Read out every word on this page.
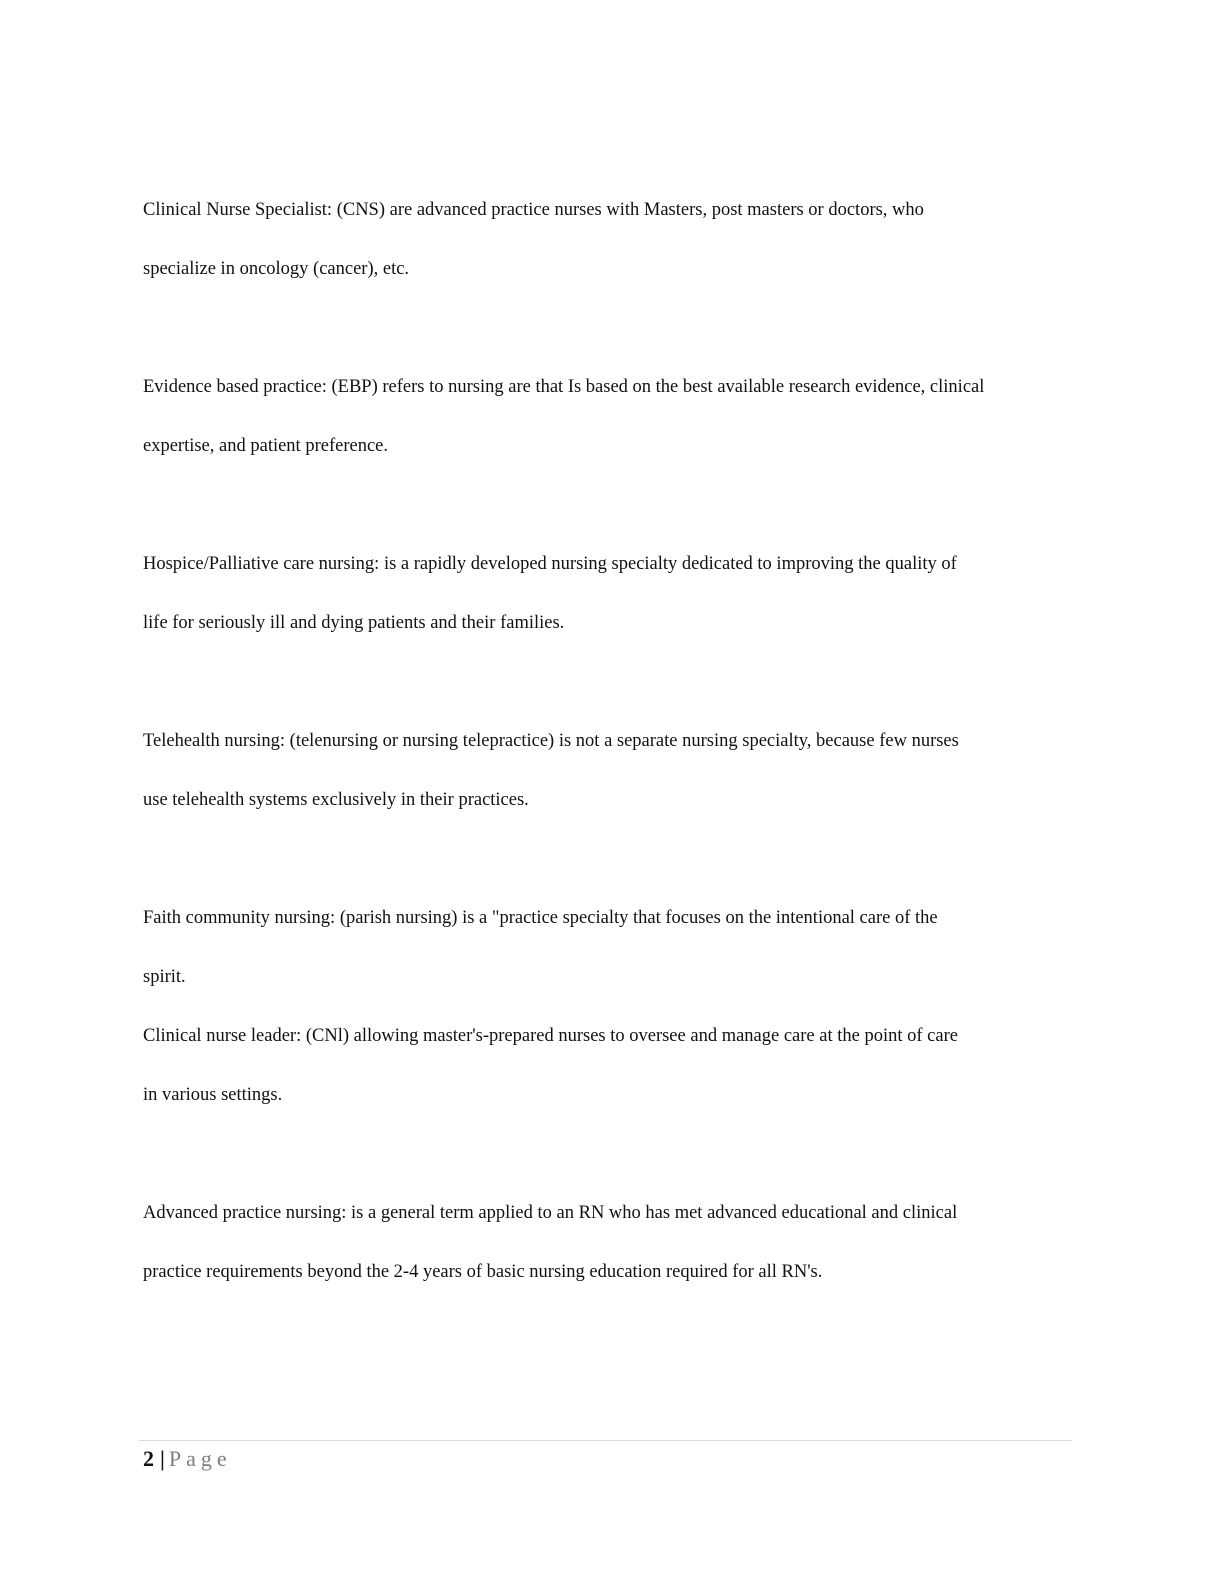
Clinical Nurse Specialist: (CNS) are advanced practice nurses with Masters, post masters or doctors, who
specialize in oncology (cancer), etc.
Evidence based practice: (EBP) refers to nursing are that Is based on the best available research evidence, clinical
expertise, and patient preference.
Hospice/Palliative care nursing: is a rapidly developed nursing specialty dedicated to improving the quality of
life for seriously ill and dying patients and their families.
Telehealth nursing: (telenursing or nursing telepractice) is not a separate nursing specialty, because few nurses
use telehealth systems exclusively in their practices.
Faith community nursing: (parish nursing) is a "practice specialty that focuses on the intentional care of the
spirit.
Clinical nurse leader: (CNl) allowing master's-prepared nurses to oversee and manage care at the point of care
in various settings.
Advanced practice nursing: is a general term applied to an RN who has met advanced educational and clinical
practice requirements beyond the 2-4 years of basic nursing education required for all RN's.
2 | Page
